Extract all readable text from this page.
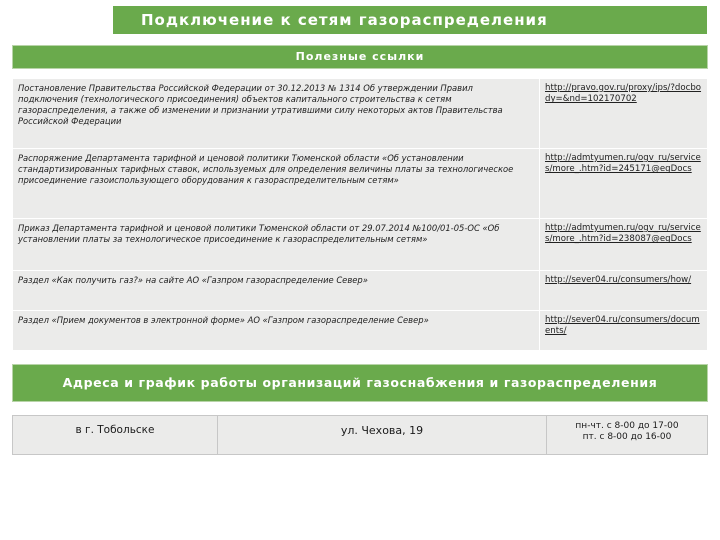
Подключение к сетям газораспределения
Полезные ссылки
Постановление Правительства Российской Федерации от 30.12.2013 № 1314 Об утверждении Правил подключения (технологического присоединения) объектов капитального строительства к сетям газораспределения, а также об изменении и признании утратившими силу некоторых актов Правительства Российской Федерации	http://pravo.gov.ru/proxy/ips/?docbody=&nd=102170702
Распоряжение Департамента тарифной и ценовой политики Тюменской области «Об установлении стандартизированных тарифных ставок, используемых для определения величины платы за технологическое присоединение газоиспользующего оборудования к газораспределительным сетям»	http://admtyumen.ru/ogv_ru/services/more_.htm?id=245171@egDocs
Приказ Департамента тарифной и ценовой политики Тюменской области от 29.07.2014 №100/01-05-ОС «Об установлении платы за технологическое присоединение к газораспределительным сетям»	http://admtyumen.ru/ogv_ru/services/more_.htm?id=238087@egDocs
Раздел «Как получить газ?» на сайте АО «Газпром газораспределение Север»	http://sever04.ru/consumers/how/
Раздел «Прием документов в электронной форме» АО «Газпром газораспределение Север»	http://sever04.ru/consumers/documents/
Адреса и график работы организаций газоснабжения и газораспределения
в г. Тобольске	ул. Чехова, 19	пн-чт. с 8-00 до 17-00
пт. с 8-00 до 16-00
